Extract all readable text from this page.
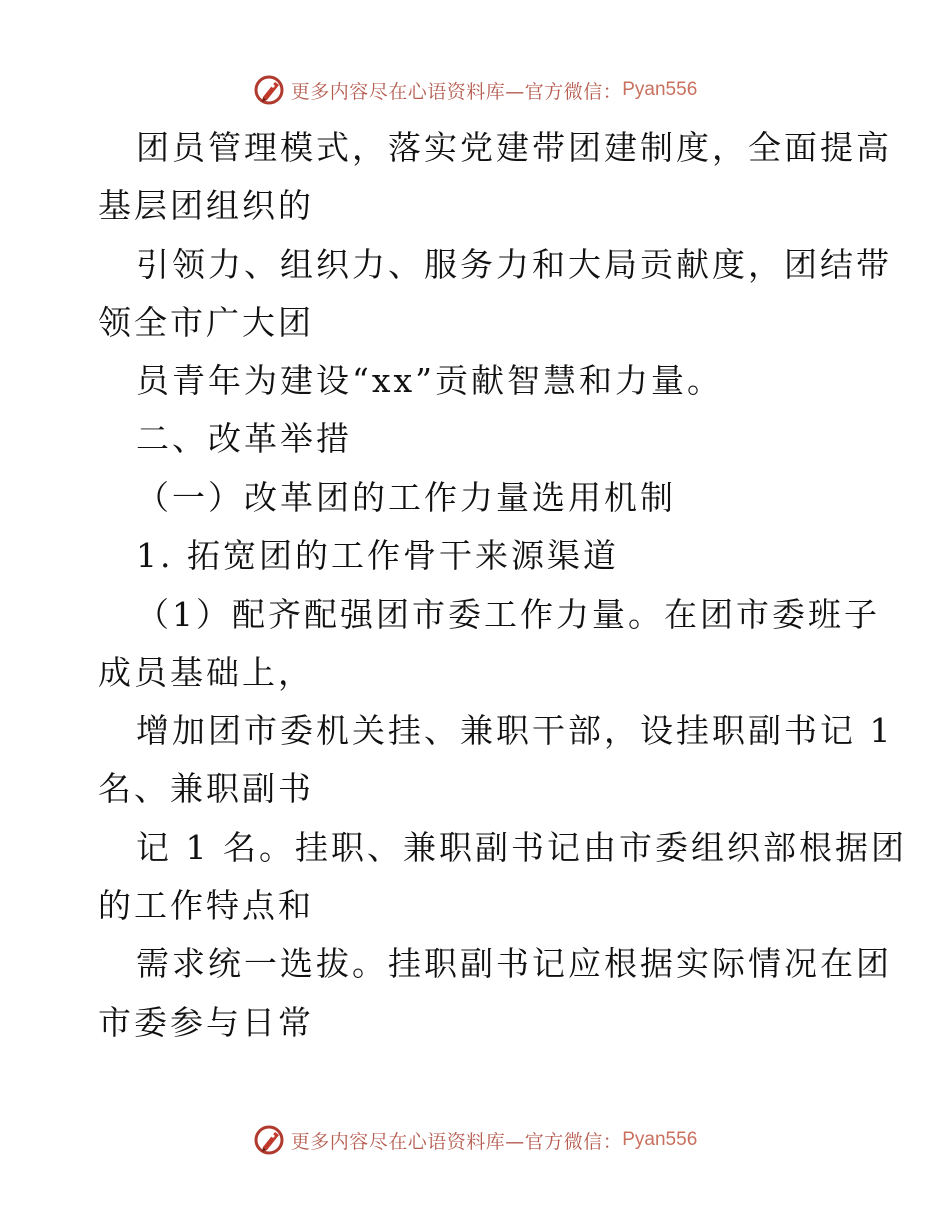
更多内容尽在心语资料库—官方微信： Pyan556
团员管理模式，落实党建带团建制度，全面提高
基层团组织的
引领力、组织力、服务力和大局贡献度，团结带
领全市广大团
员青年为建设“xx”贡献智慧和力量。
二、改革举措
（一）改革团的工作力量选用机制
1. 拓宽团的工作骨干来源渠道
（1）配齐配强团市委工作力量。在团市委班子
成员基础上，
增加团市委机关挂、兼职干部，设挂职副书记 1
名、兼职副书
记 1 名。挂职、兼职副书记由市委组织部根据团
的工作特点和
需求统一选拔。挂职副书记应根据实际情况在团
市委参与日常
更多内容尽在心语资料库—官方微信： Pyan556
